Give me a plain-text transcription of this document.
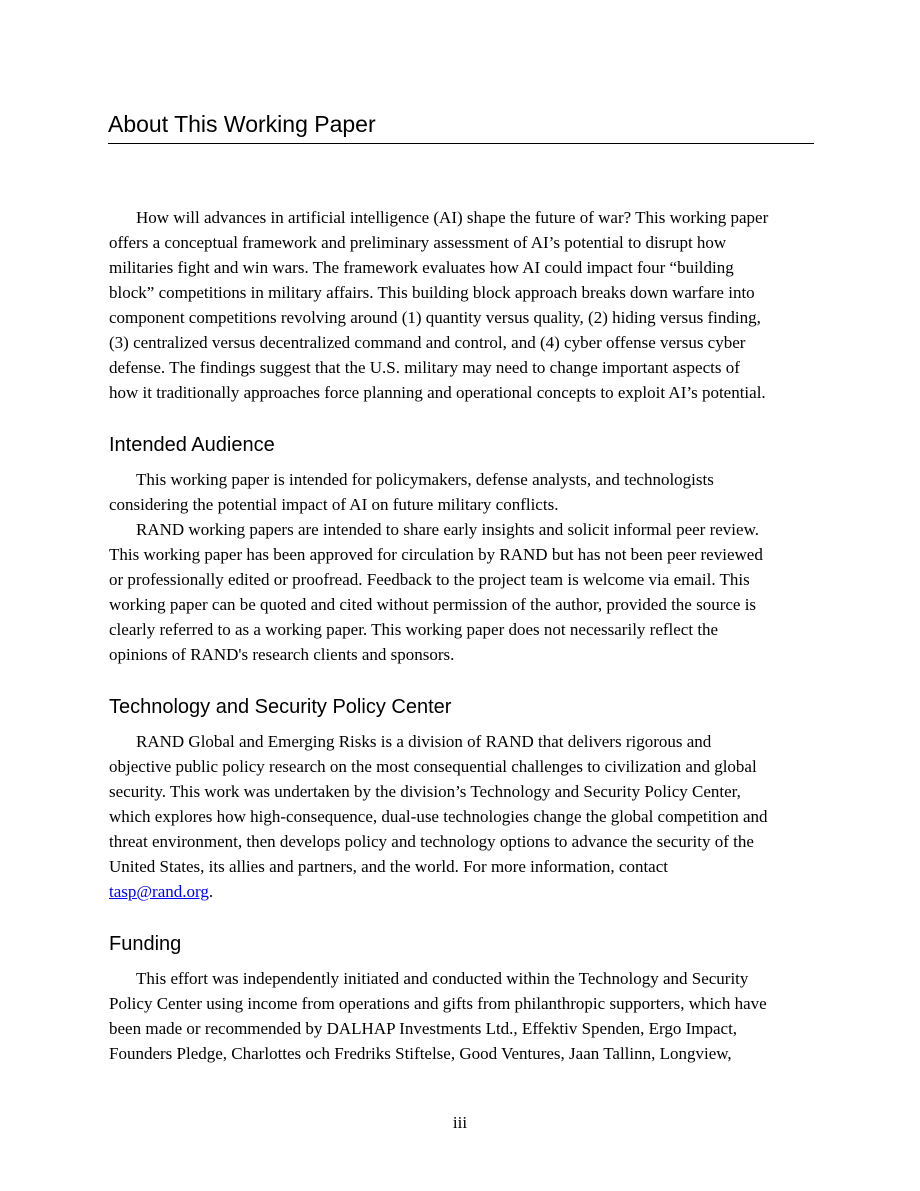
About This Working Paper

How will advances in artificial intelligence (AI) shape the future of war? This working paper
offers a conceptual framework and preliminary assessment of AI’s potential to disrupt how
militaries fight and win wars. The framework evaluates how AI could impact four “building
block” competitions in military affairs. This building block approach breaks down warfare into
component competitions revolving around (1) quantity versus quality, (2) hiding versus finding,
(3) centralized versus decentralized command and control, and (4) cyber offense versus cyber
defense. The findings suggest that the U.S. military may need to change important aspects of
how it traditionally approaches force planning and operational concepts to exploit AI’s potential.

Intended Audience

This working paper is intended for policymakers, defense analysts, and technologists
considering the potential impact of AI on future military conflicts.

RAND working papers are intended to share early insights and solicit informal peer review.
This working paper has been approved for circulation by RAND but has not been peer reviewed
or professionally edited or proofread. Feedback to the project team is welcome via email. This
working paper can be quoted and cited without permission of the author, provided the source is
clearly referred to as a working paper. This working paper does not necessarily reflect the
opinions of RAND's research clients and sponsors.

Technology and Security Policy Center

RAND Global and Emerging Risks is a division of RAND that delivers rigorous and
objective public policy research on the most consequential challenges to civilization and global
security. This work was undertaken by the division’s Technology and Security Policy Center,
which explores how high-consequence, dual-use technologies change the global competition and
threat environment, then develops policy and technology options to advance the security of the
United States, its allies and partners, and the world. For more information, contact
tasp@rand.org.

Funding

This effort was independently initiated and conducted within the Technology and Security
Policy Center using income from operations and gifts from philanthropic supporters, which have
been made or recommended by DALHAP Investments Ltd., Effektiv Spenden, Ergo Impact,
Founders Pledge, Charlottes och Fredriks Stiftelse, Good Ventures, Jaan Tallinn, Longview,

iii
